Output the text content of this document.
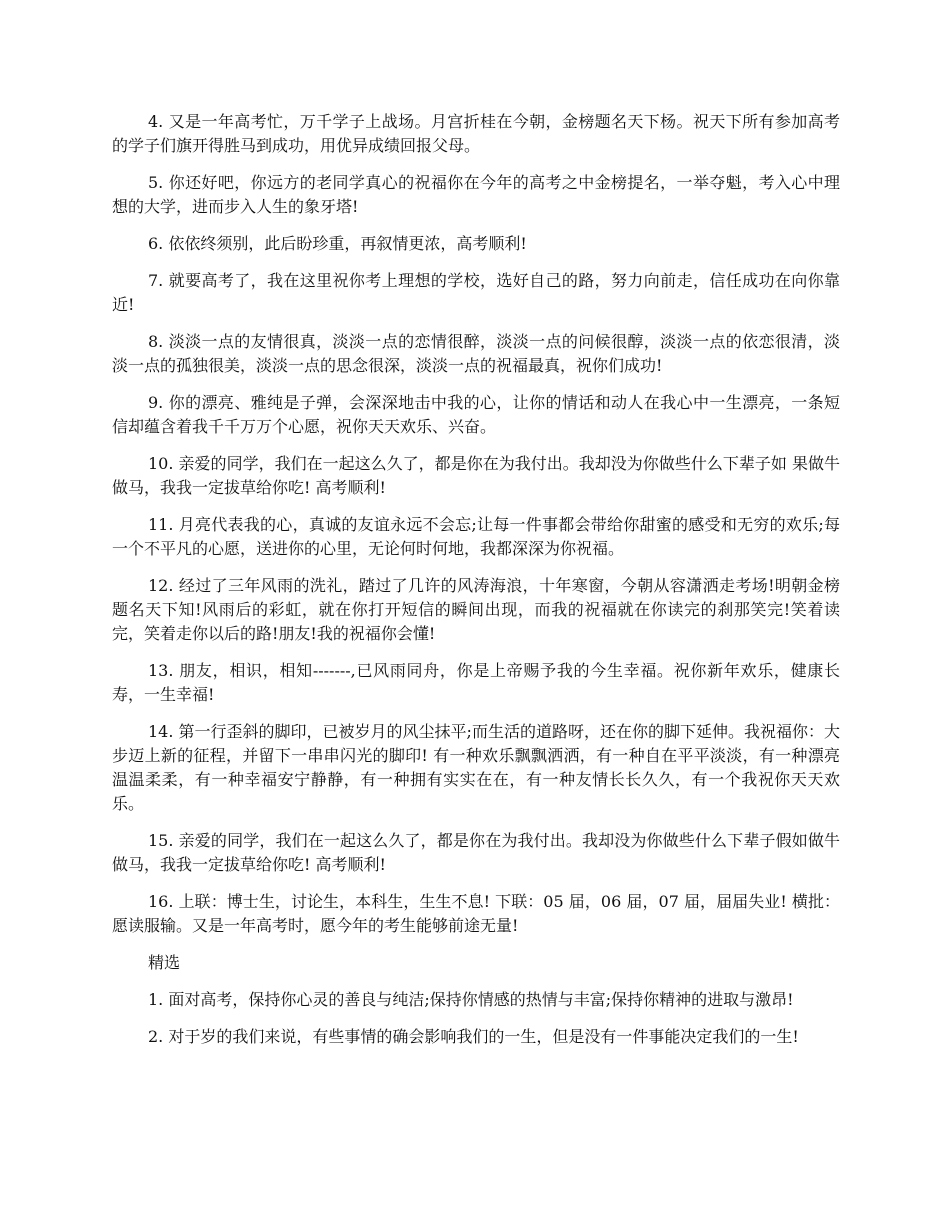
4. 又是一年高考忙，万千学子上战场。月宫折桂在今朝，金榜题名天下杨。祝天下所有参加高考的学子们旗开得胜马到成功，用优异成绩回报父母。

5. 你还好吧，你远方的老同学真心的祝福你在今年的高考之中金榜提名，一举夺魁，考入心中理想的大学，进而步入人生的象牙塔!

6. 依依终须别，此后盼珍重，再叙情更浓，高考顺利!

7. 就要高考了，我在这里祝你考上理想的学校，选好自己的路，努力向前走，信任成功在向你靠近!

8. 淡淡一点的友情很真，淡淡一点的恋情很醉，淡淡一点的问候很醇，淡淡一点的依恋很清，淡淡一点的孤独很美，淡淡一点的思念很深，淡淡一点的祝福最真，祝你们成功!

9. 你的漂亮、雅纯是子弹，会深深地击中我的心，让你的情话和动人在我心中一生漂亮，一条短信却蕴含着我千千万万个心愿，祝你天天欢乐、兴奋。

10. 亲爱的同学，我们在一起这么久了，都是你在为我付出。我却没为你做些什么下辈子如 果做牛做马，我我一定拔草给你吃! 高考顺利!

11. 月亮代表我的心，真诚的友谊永远不会忘;让每一件事都会带给你甜蜜的感受和无穷的欢乐;每一个不平凡的心愿，送进你的心里，无论何时何地，我都深深为你祝福。

12. 经过了三年风雨的洗礼，踏过了几许的风涛海浪，十年寒窗，今朝从容潇洒走考场!明朝金榜题名天下知!风雨后的彩虹，就在你打开短信的瞬间出现，而我的祝福就在你读完的刹那笑完!笑着读完，笑着走你以后的路!朋友!我的祝福你会懂!

13. 朋友，相识，相知-------,已风雨同舟，你是上帝赐予我的今生幸福。祝你新年欢乐，健康长寿，一生幸福!

14. 第一行歪斜的脚印，已被岁月的风尘抹平;而生活的道路呀，还在你的脚下延伸。我祝福你：大步迈上新的征程，并留下一串串闪光的脚印! 有一种欢乐飘飘洒洒，有一种自在平平淡淡，有一种漂亮温温柔柔，有一种幸福安宁静静，有一种拥有实实在在，有一种友情长长久久，有一个我祝你天天欢乐。

15. 亲爱的同学，我们在一起这么久了，都是你在为我付出。我却没为你做些什么下辈子假如做牛做马，我我一定拔草给你吃! 高考顺利!

16. 上联：博士生，讨论生，本科生，生生不息! 下联：05 届，06 届，07 届，届届失业! 横批：愿读服输。又是一年高考时，愿今年的考生能够前途无量!

精选

1. 面对高考，保持你心灵的善良与纯洁;保持你情感的热情与丰富;保持你精神的进取与激昂!

2. 对于岁的我们来说，有些事情的确会影响我们的一生，但是没有一件事能决定我们的一生!
